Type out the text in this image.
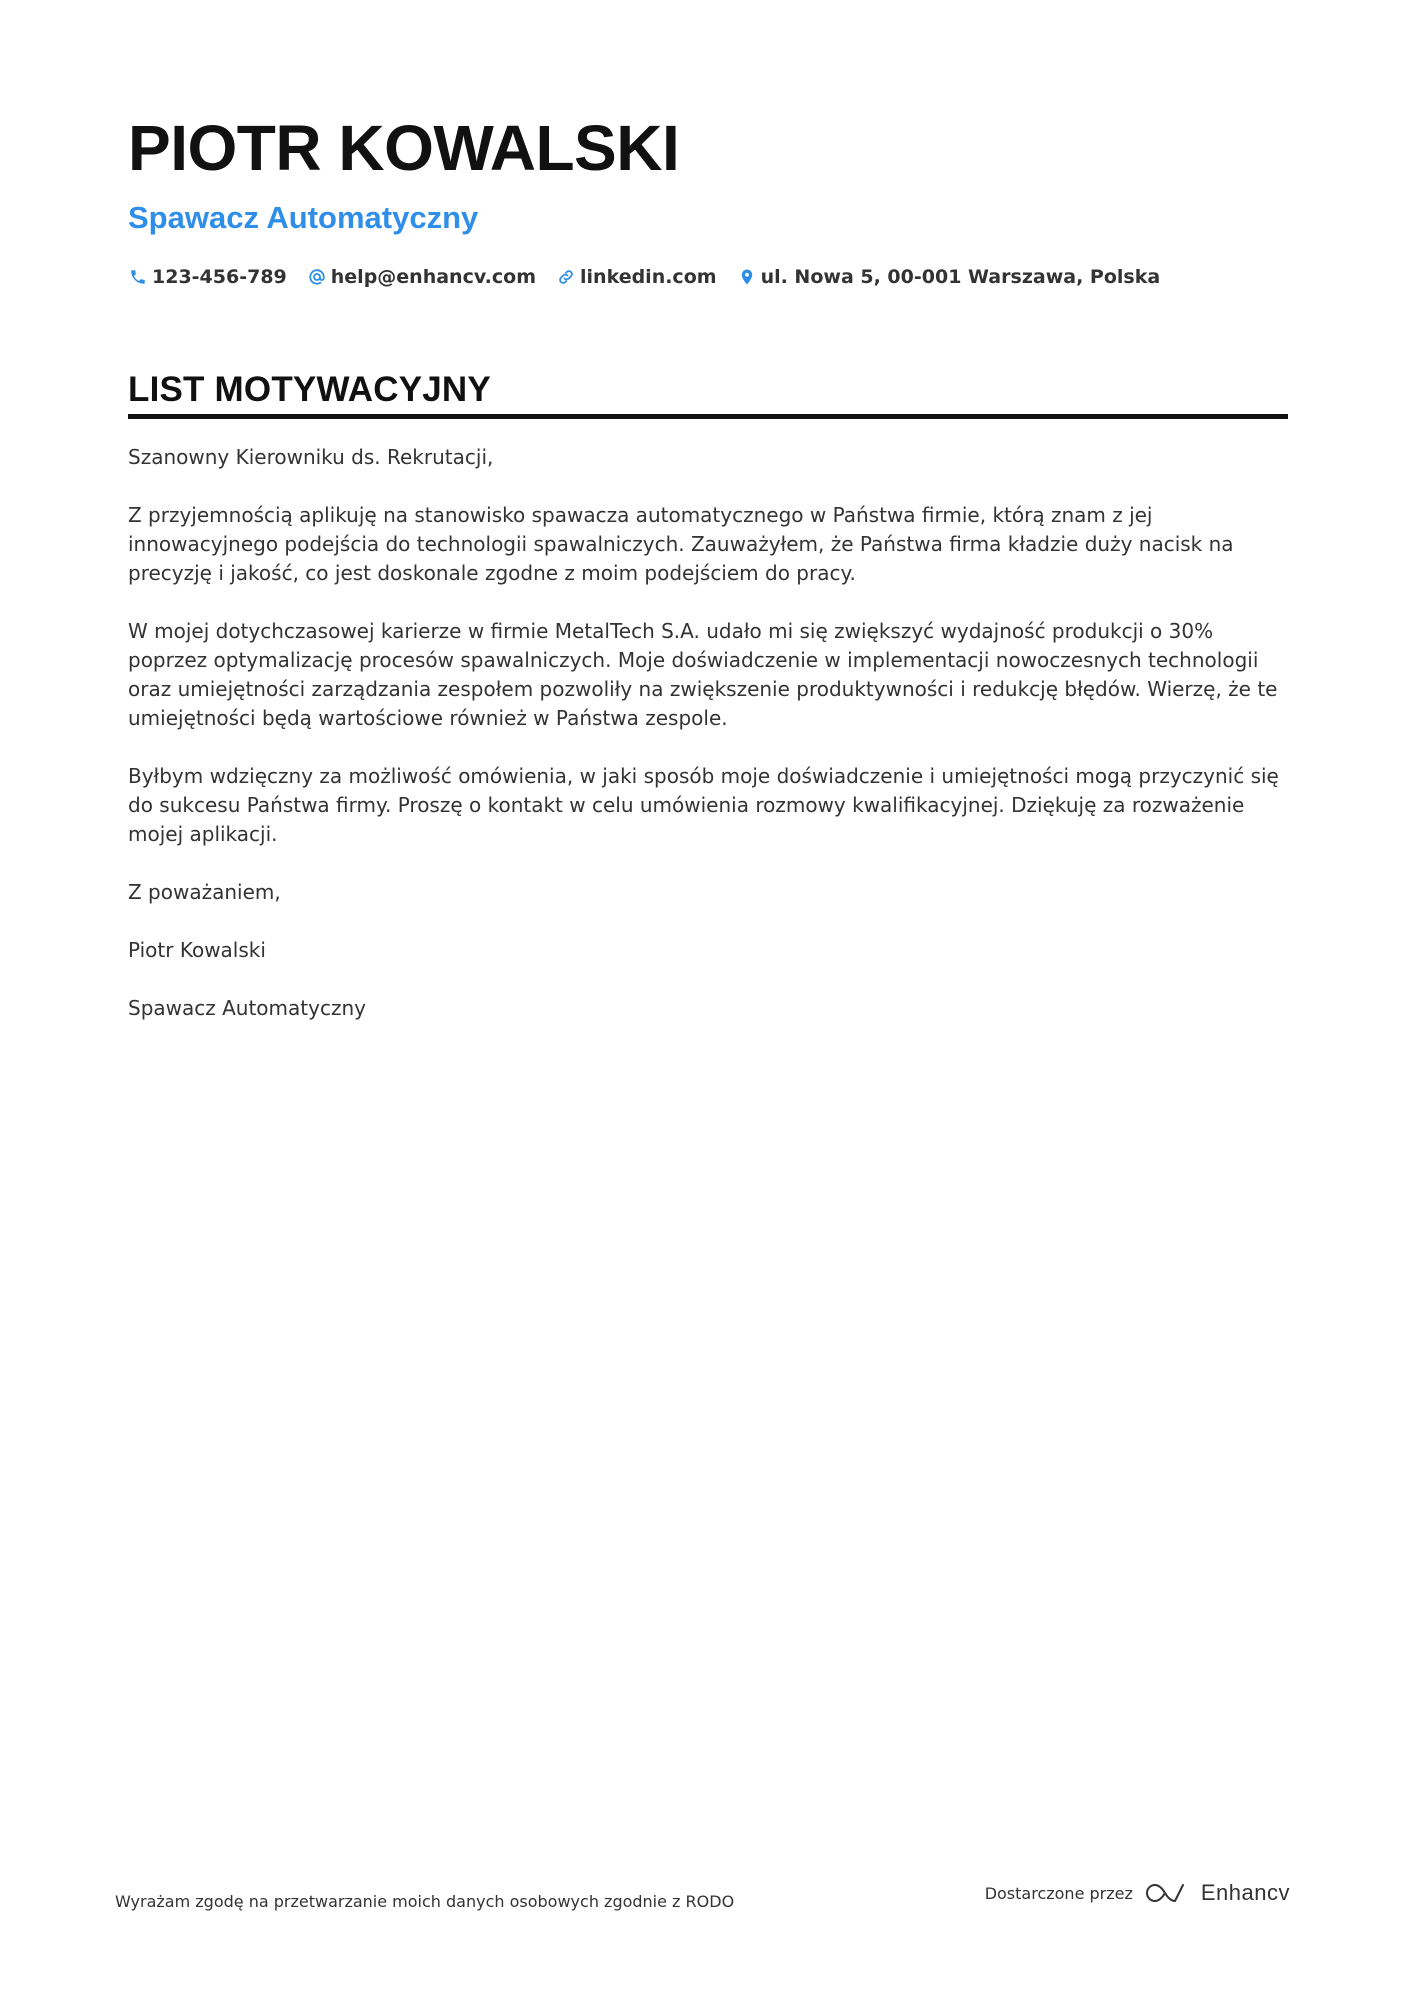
PIOTR KOWALSKI
Spawacz Automatyczny
123-456-789 help@enhancv.com linkedin.com ul. Nowa 5, 00-001 Warszawa, Polska
LIST MOTYWACYJNY

Szanowny Kierowniku ds. Rekrutacji,

Z przyjemnością aplikuję na stanowisko spawacza automatycznego w Państwa firmie, którą znam z jej innowacyjnego podejścia do technologii spawalniczych. Zauważyłem, że Państwa firma kładzie duży nacisk na precyzję i jakość, co jest doskonale zgodne z moim podejściem do pracy.

W mojej dotychczasowej karierze w firmie MetalTech S.A. udało mi się zwiększyć wydajność produkcji o 30% poprzez optymalizację procesów spawalniczych. Moje doświadczenie w implementacji nowoczesnych technologii oraz umiejętności zarządzania zespołem pozwoliły na zwiększenie produktywności i redukcję błędów. Wierzę, że te umiejętności będą wartościowe również w Państwa zespole.

Byłbym wdzięczny za możliwość omówienia, w jaki sposób moje doświadczenie i umiejętności mogą przyczynić się do sukcesu Państwa firmy. Proszę o kontakt w celu umówienia rozmowy kwalifikacyjnej. Dziękuję za rozważenie mojej aplikacji.

Z poważaniem,

Piotr Kowalski

Spawacz Automatyczny

Wyrażam zgodę na przetwarzanie moich danych osobowych zgodnie z RODO	Dostarczone przez	Enhancv
